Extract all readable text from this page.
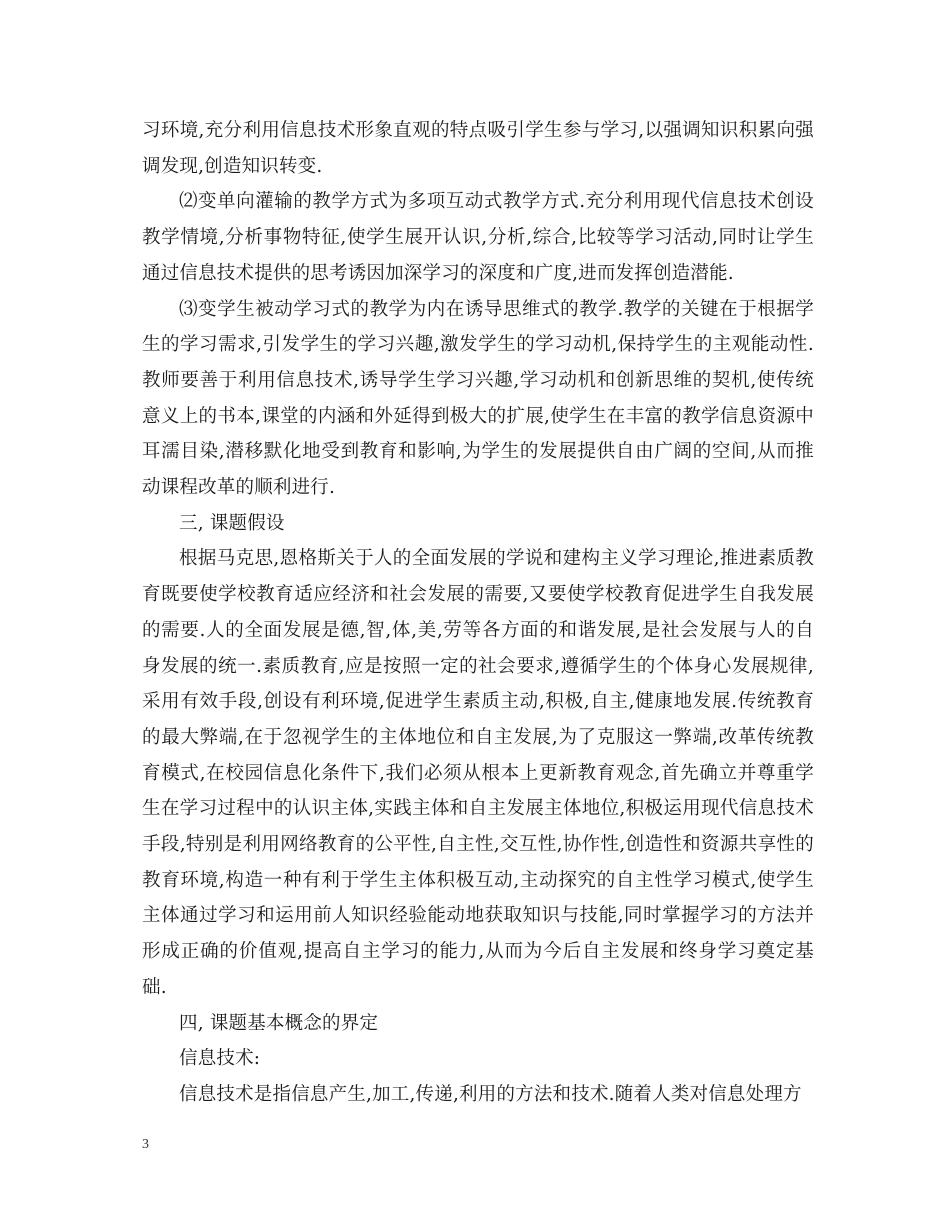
习环境,充分利用信息技术形象直观的特点吸引学生参与学习,以强调知识积累向强调发现,创造知识转变.

⑵变单向灌输的教学方式为多项互动式教学方式.充分利用现代信息技术创设教学情境,分析事物特征,使学生展开认识,分析,综合,比较等学习活动,同时让学生通过信息技术提供的思考诱因加深学习的深度和广度,进而发挥创造潜能.

⑶变学生被动学习式的教学为内在诱导思维式的教学.教学的关键在于根据学生的学习需求,引发学生的学习兴趣,激发学生的学习动机,保持学生的主观能动性.教师要善于利用信息技术,诱导学生学习兴趣,学习动机和创新思维的契机,使传统意义上的书本,课堂的内涵和外延得到极大的扩展,使学生在丰富的教学信息资源中耳濡目染,潜移默化地受到教育和影响,为学生的发展提供自由广阔的空间,从而推动课程改革的顺利进行.

三, 课题假设

根据马克思,恩格斯关于人的全面发展的学说和建构主义学习理论,推进素质教育既要使学校教育适应经济和社会发展的需要,又要使学校教育促进学生自我发展的需要.人的全面发展是德,智,体,美,劳等各方面的和谐发展,是社会发展与人的自身发展的统一.素质教育,应是按照一定的社会要求,遵循学生的个体身心发展规律,采用有效手段,创设有利环境,促进学生素质主动,积极,自主,健康地发展.传统教育的最大弊端,在于忽视学生的主体地位和自主发展,为了克服这一弊端,改革传统教育模式,在校园信息化条件下,我们必须从根本上更新教育观念,首先确立并尊重学生在学习过程中的认识主体,实践主体和自主发展主体地位,积极运用现代信息技术手段,特别是利用网络教育的公平性,自主性,交互性,协作性,创造性和资源共享性的教育环境,构造一种有利于学生主体积极互动,主动探究的自主性学习模式,使学生主体通过学习和运用前人知识经验能动地获取知识与技能,同时掌握学习的方法并形成正确的价值观,提高自主学习的能力,从而为今后自主发展和终身学习奠定基础.

四, 课题基本概念的界定

信息技术:

信息技术是指信息产生,加工,传递,利用的方法和技术.随着人类对信息处理方

3
